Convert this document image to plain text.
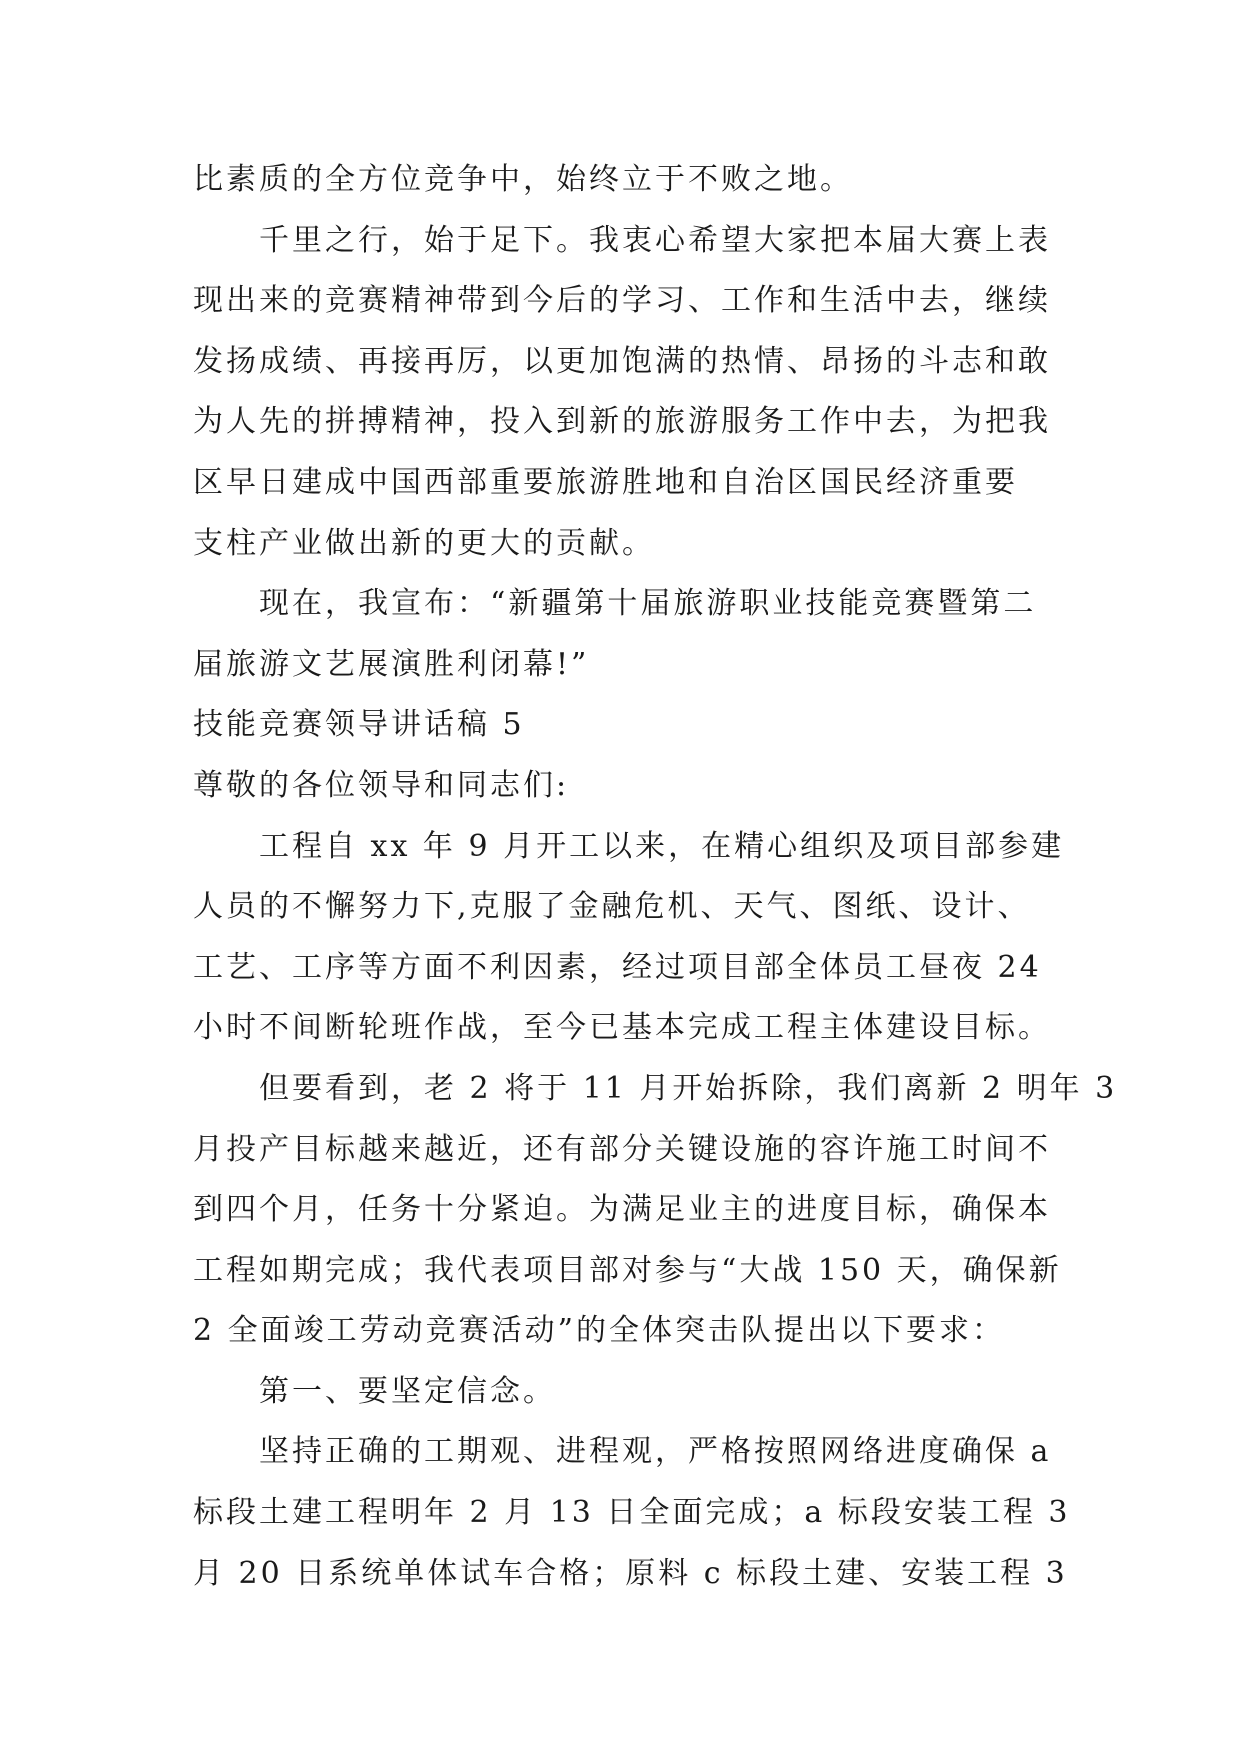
比素质的全方位竞争中，始终立于不败之地。
千里之行，始于足下。我衷心希望大家把本届大赛上表
现出来的竞赛精神带到今后的学习、工作和生活中去，继续
发扬成绩、再接再厉，以更加饱满的热情、昂扬的斗志和敢
为人先的拼搏精神，投入到新的旅游服务工作中去，为把我
区早日建成中国西部重要旅游胜地和自治区国民经济重要
支柱产业做出新的更大的贡献。
现在，我宣布：“新疆第十届旅游职业技能竞赛暨第二
届旅游文艺展演胜利闭幕!”
技能竞赛领导讲话稿 5
尊敬的各位领导和同志们:
工程自 xx 年 9 月开工以来，在精心组织及项目部参建
人员的不懈努力下,克服了金融危机、天气、图纸、设计、
工艺、工序等方面不利因素，经过项目部全体员工昼夜 24
小时不间断轮班作战，至今已基本完成工程主体建设目标。
但要看到，老 2 将于 11 月开始拆除，我们离新 2 明年 3
月投产目标越来越近，还有部分关键设施的容许施工时间不
到四个月，任务十分紧迫。为满足业主的进度目标，确保本
工程如期完成；我代表项目部对参与“大战 150 天，确保新
2 全面竣工劳动竞赛活动”的全体突击队提出以下要求：
第一、要坚定信念。
坚持正确的工期观、进程观，严格按照网络进度确保 a
标段土建工程明年 2 月 13 日全面完成；a 标段安装工程 3
月 20 日系统单体试车合格；原料 c 标段土建、安装工程 3
